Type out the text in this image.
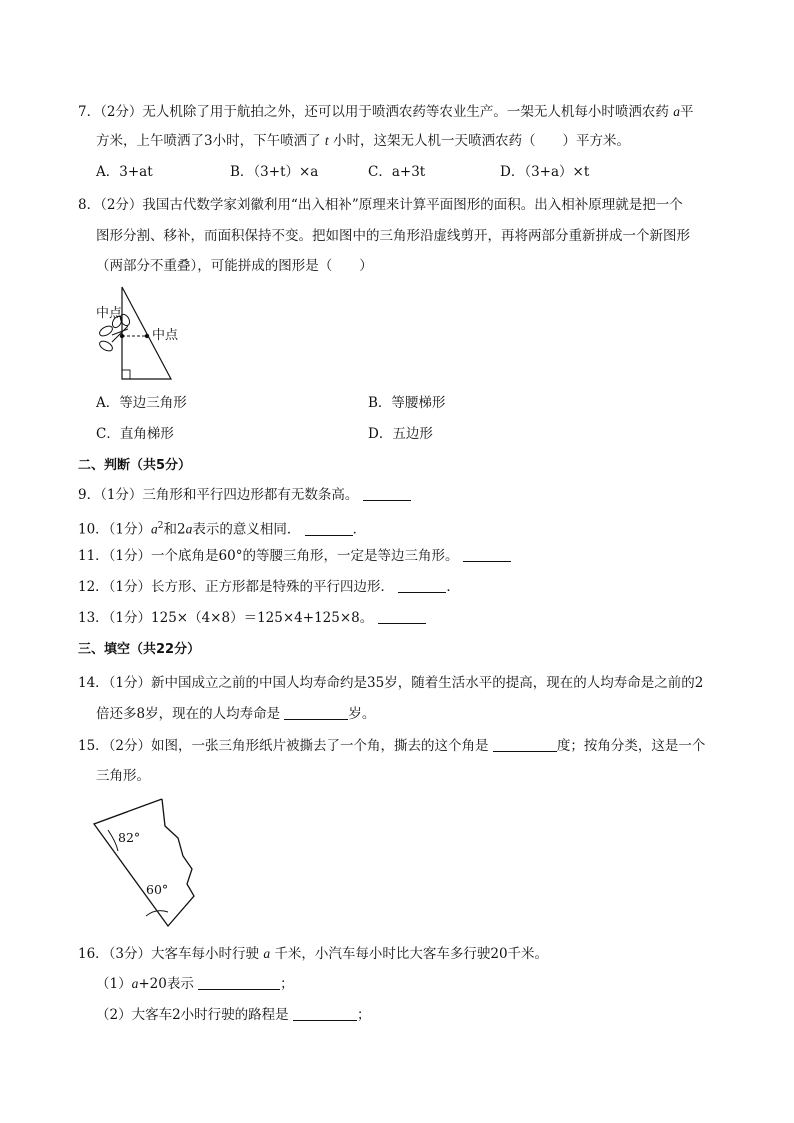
7．（2分）无人机除了用于航拍之外，还可以用于喷洒农药等农业生产。一架无人机每小时喷洒农药 a平
方米，上午喷洒了3小时，下午喷洒了 t 小时，这架无人机一天喷洒农药（　　）平方米。
A．3+at	B．（3+t）×a	C．a+3t	D．（3+a）×t
8．（2分）我国古代数学家刘徽利用“出入相补”原理来计算平面图形的面积。出入相补原理就是把一个
图形分割、移补，而面积保持不变。把如图中的三角形沿虚线剪开，再将两部分重新拼成一个新图形
（两部分不重叠），可能拼成的图形是（　　）
中点
中点
A．等边三角形	B．等腰梯形
C．直角梯形	D．五边形
二、判断（共5分）
9．（1分）三角形和平行四边形都有无数条高。
10．（1分）$a^2$和2a表示的意义相同．	．
11．（1分）一个底角是60°的等腰三角形，一定是等边三角形。
12．（1分）长方形、正方形都是特殊的平行四边形．	．
13．（1分）125×（4×8）＝125×4+125×8。
三、填空（共22分）
14．（1分）新中国成立之前的中国人均寿命约是35岁，随着生活水平的提高，现在的人均寿命是之前的2
倍还多8岁，现在的人均寿命是	岁。
15．（2分）如图，一张三角形纸片被撕去了一个角，撕去的这个角是	度；按角分类，这是一个
三角形。
82°
60°
16．（3分）大客车每小时行驶 a 千米，小汽车每小时比大客车多行驶20千米。
（1）a+20表示	；
（2）大客车2小时行驶的路程是	；
